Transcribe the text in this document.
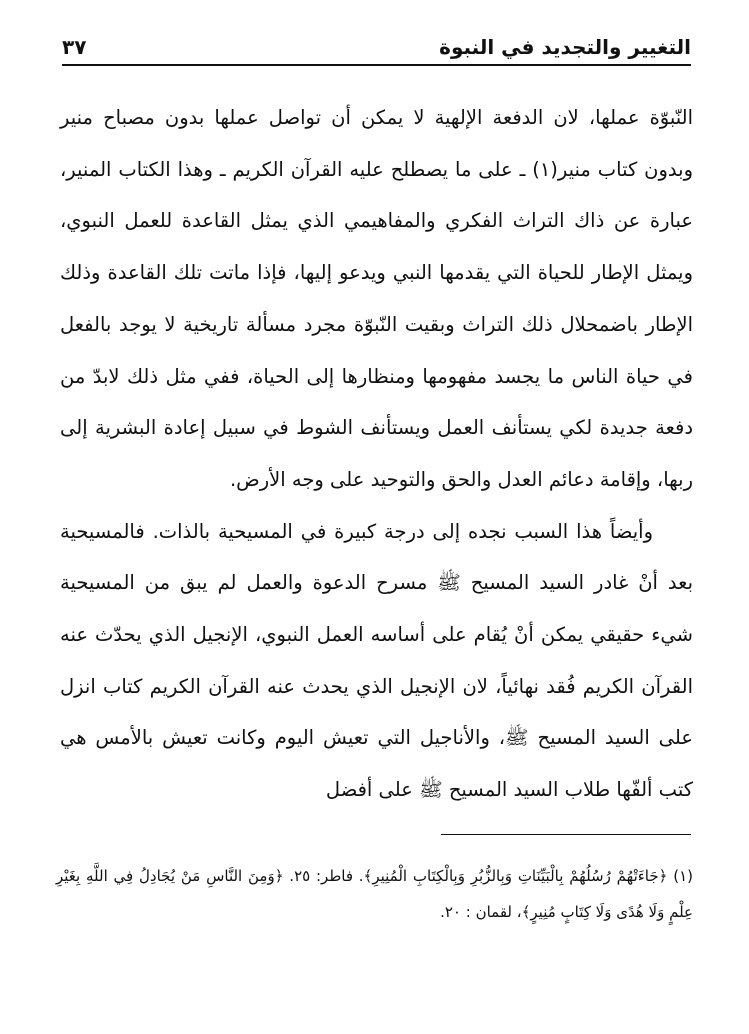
التغيير والتجديد في النبوة
٣٧

النّبوّة عملها، لان الدفعة الإلهية لا يمكن أن تواصل عملها بدون مصباح منير وبدون كتاب منير(١) ـ على ما يصطلح عليه القرآن الكريم ـ وهذا الكتاب المنير، عبارة عن ذاك التراث الفكري والمفاهيمي الذي يمثل القاعدة للعمل النبوي، ويمثل الإطار للحياة التي يقدمها النبي ويدعو إليها، فإذا ماتت تلك القاعدة وذلك الإطار باضمحلال ذلك التراث وبقيت النّبوّة مجرد مسألة تاريخية لا يوجد بالفعل في حياة الناس ما يجسد مفهومها ومنظارها إلى الحياة، ففي مثل ذلك لابدّ من دفعة جديدة لكي يستأنف العمل ويستأنف الشوط في سبيل إعادة البشرية إلى ربها، وإقامة دعائم العدل والحق والتوحيد على وجه الأرض.

وأيضاً هذا السبب نجده إلى درجة كبيرة في المسيحية بالذات. فالمسيحية بعد أنْ غادر السيد المسيح ﷺ مسرح الدعوة والعمل لم يبق من المسيحية شيء حقيقي يمكن أنْ يُقام على أساسه العمل النبوي، الإنجيل الذي يحدّث عنه القرآن الكريم فُقد نهائياً، لان الإنجيل الذي يحدث عنه القرآن الكريم كتاب انزل على السيد المسيح ﷺ، والأناجيل التي تعيش اليوم وكانت تعيش بالأمس هي كتب ألفّها طلاب السيد المسيح ﷺ على أفضل

(١) ﴿جَاءَتْهُمْ رُسُلُهُمْ بِالْبَيِّنَاتِ وَبِالزُّبُرِ وَبِالْكِتَابِ الْمُنِيرِ﴾. فاطر: ٢٥. ﴿وَمِنَ النَّاسِ مَنْ يُجَادِلُ فِي اللَّهِ بِغَيْرِ عِلْمٍ وَلَا هُدًى وَلَا كِتَابٍ مُنِيرٍ﴾، لقمان : ٢٠.
